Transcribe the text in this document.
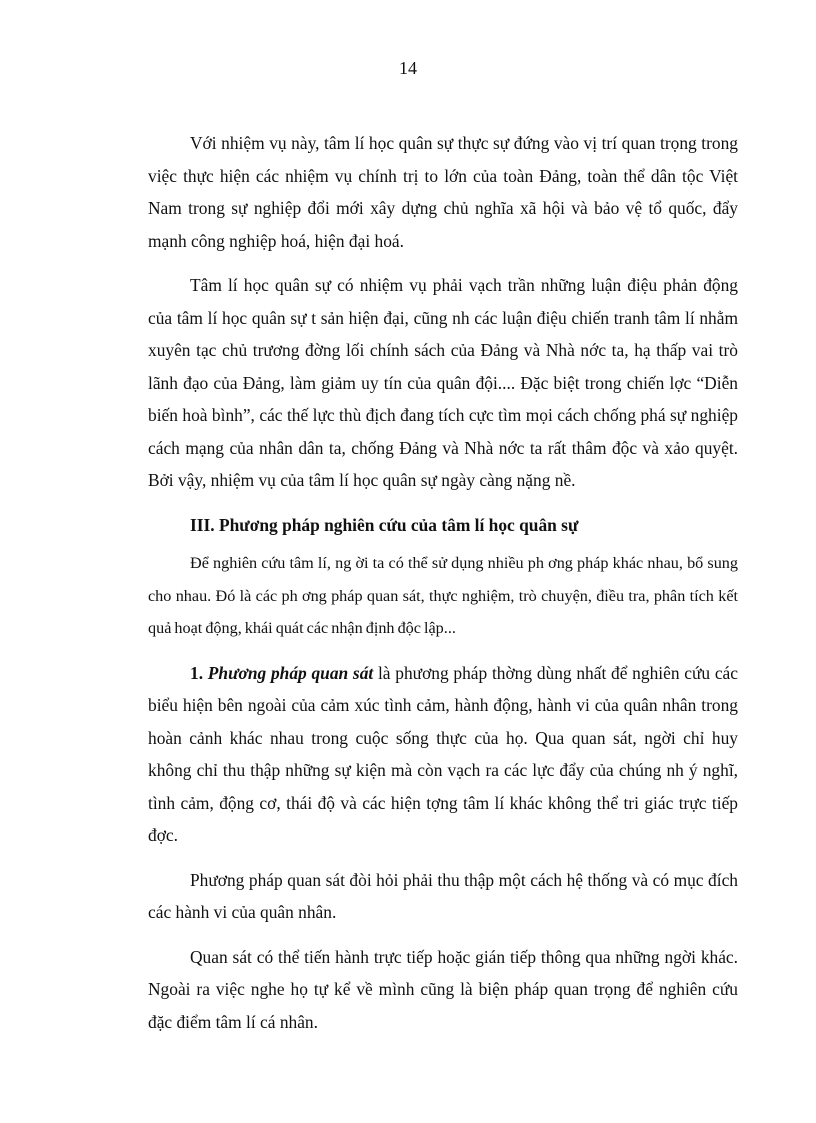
14

Với nhiệm vụ này, tâm lí học quân sự thực sự đứng vào vị trí quan trọng trong việc thực hiện các nhiệm vụ chính trị to lớn của toàn Đảng, toàn thể dân tộc Việt Nam trong sự nghiệp đổi mới xây dựng chủ nghĩa xã hội và bảo vệ tổ quốc, đẩy mạnh công nghiệp hoá, hiện đại hoá.

Tâm lí học quân sự có nhiệm vụ phải vạch trần những luận điệu phản động của tâm lí học quân sự t sản hiện đại, cũng nh các luận điệu chiến tranh tâm lí nhằm xuyên tạc chủ trương đờng lối chính sách của Đảng và Nhà nớc ta, hạ thấp vai trò lãnh đạo của Đảng, làm giảm uy tín của quân đội.... Đặc biệt trong chiến lợc “Diễn biến hoà bình”, các thế lực thù địch đang tích cực tìm mọi cách chống phá sự nghiệp cách mạng của nhân dân ta, chống Đảng và Nhà nớc ta rất thâm độc và xảo quyệt. Bởi vậy, nhiệm vụ của tâm lí học quân sự ngày càng nặng nề.

III. Phương pháp nghiên cứu của tâm lí học quân sự

Để nghiên cứu tâm lí, ng ời ta có thể sử dụng nhiều ph ơng pháp khác nhau, bổ sung cho nhau. Đó là các ph ơng pháp quan sát, thực nghiệm, trò chuyện, điều tra, phân tích kết quả hoạt động, khái quát các nhận định độc lập...

1. Phương pháp quan sát là phương pháp thờng dùng nhất để nghiên cứu các biểu hiện bên ngoài của cảm xúc tình cảm, hành động, hành vi của quân nhân trong hoàn cảnh khác nhau trong cuộc sống thực của họ. Qua quan sát, ngời chỉ huy không chỉ thu thập những sự kiện mà còn vạch ra các lực đẩy của chúng nh ý nghĩ, tình cảm, động cơ, thái độ và các hiện tợng tâm lí khác không thể tri giác trực tiếp đợc.

Phương pháp quan sát đòi hỏi phải thu thập một cách hệ thống và có mục đích các hành vi của quân nhân.

Quan sát có thể tiến hành trực tiếp hoặc gián tiếp thông qua những ngời khác. Ngoài ra việc nghe họ tự kể về mình cũng là biện pháp quan trọng để nghiên cứu đặc điểm tâm lí cá nhân.
